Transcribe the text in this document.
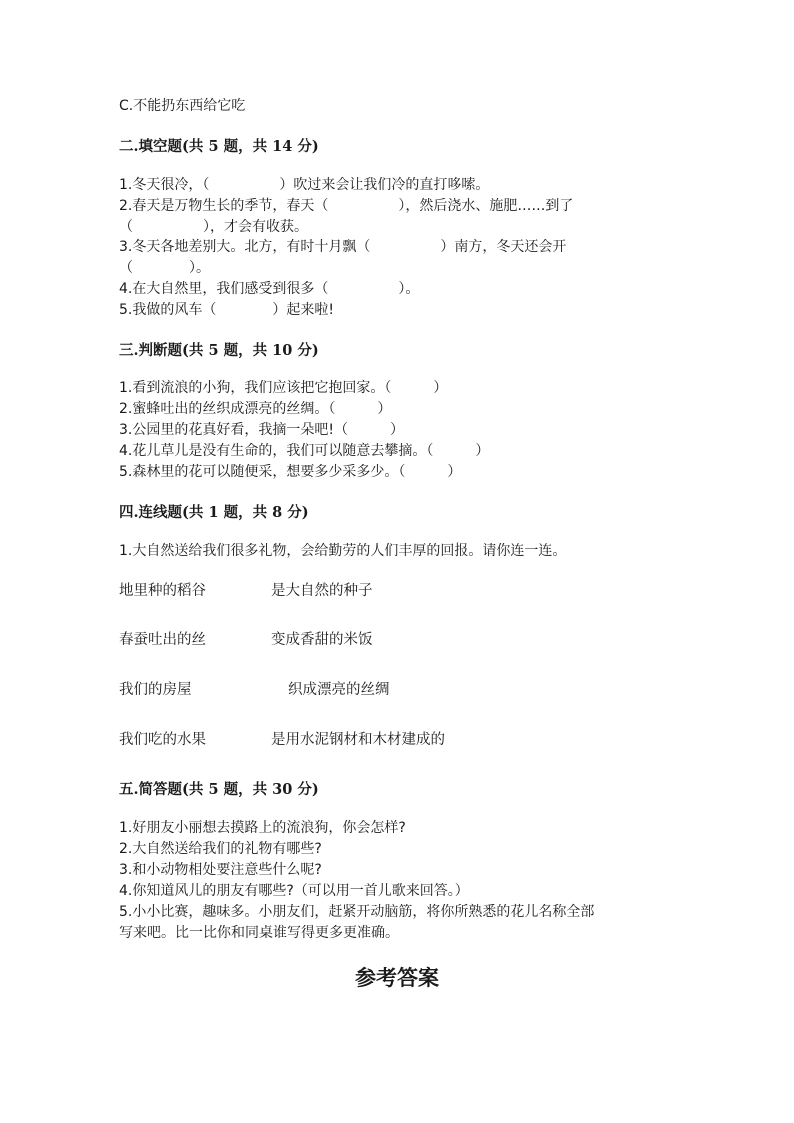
C.不能扔东西给它吃
二.填空题(共 5 题，共 14 分)
1.冬天很冷，（　　　　　）吹过来会让我们冷的直打哆嗦。
2.春天是万物生长的季节，春天（　　　　　），然后浇水、施肥……到了
（　　　　　），才会有收获。
3.冬天各地差别大。北方，有时十月飘（　　　　　）南方，冬天还会开
（　　　　）。
4.在大自然里，我们感受到很多（　　　　　）。
5.我做的风车（　　　　）起来啦!
三.判断题(共 5 题，共 10 分)
1.看到流浪的小狗，我们应该把它抱回家。（　　　）
2.蜜蜂吐出的丝织成漂亮的丝绸。（　　　）
3.公园里的花真好看，我摘一朵吧!（　　　）
4.花儿草儿是没有生命的，我们可以随意去攀摘。（　　　）
5.森林里的花可以随便采，想要多少采多少。（　　　）
四.连线题(共 1 题，共 8 分)
1.大自然送给我们很多礼物，会给勤劳的人们丰厚的回报。请你连一连。
地里种的稻谷	是大自然的种子
春蚕吐出的丝	变成香甜的米饭
我们的房屋	织成漂亮的丝绸
我们吃的水果	是用水泥钢材和木材建成的
五.简答题(共 5 题，共 30 分)
1.好朋友小丽想去摸路上的流浪狗，你会怎样?
2.大自然送给我们的礼物有哪些?
3.和小动物相处要注意些什么呢?
4.你知道风儿的朋友有哪些?（可以用一首儿歌来回答。）
5.小小比赛，趣味多。小朋友们，赶紧开动脑筋，将你所熟悉的花儿名称全部
写来吧。比一比你和同桌谁写得更多更准确。
参考答案
